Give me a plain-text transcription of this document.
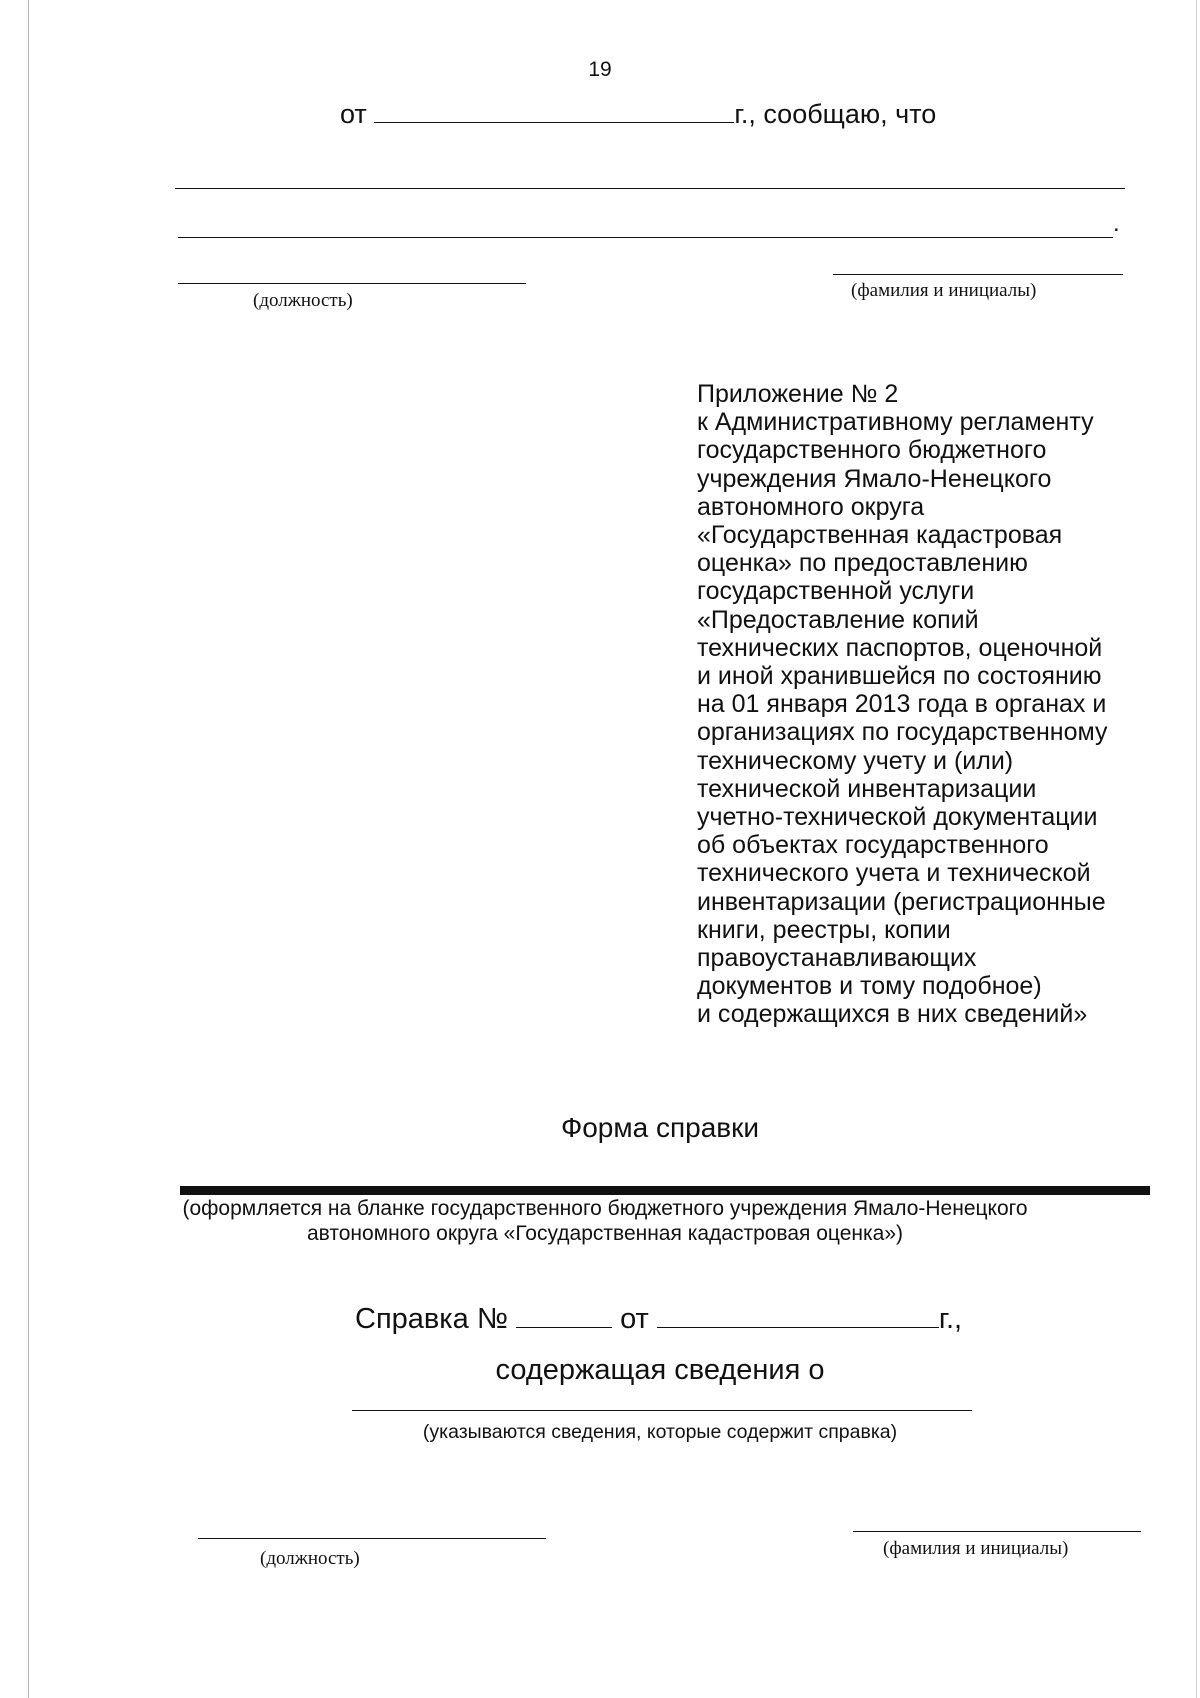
19
от	г., сообщаю, что
.
(должность)	(фамилия и инициалы)
Приложение № 2
к Административному регламенту
государственного бюджетного
учреждения Ямало-Ненецкого
автономного округа
«Государственная кадастровая
оценка» по предоставлению
государственной услуги
«Предоставление копий
технических паспортов, оценочной
и иной хранившейся по состоянию
на 01 января 2013 года в органах и
организациях по государственному
техническому учету и (или)
технической инвентаризации
учетно-технической документации
об объектах государственного
технического учета и технической
инвентаризации (регистрационные
книги, реестры, копии
правоустанавливающих
документов и тому подобное)
и содержащихся в них сведений»
Форма справки
(оформляется на бланке государственного бюджетного учреждения Ямало-Ненецкого
автономного округа «Государственная кадастровая оценка»)
Справка №	от	г.,
содержащая сведения о
(указываются сведения, которые содержит справка)
(должность)	(фамилия и инициалы)
